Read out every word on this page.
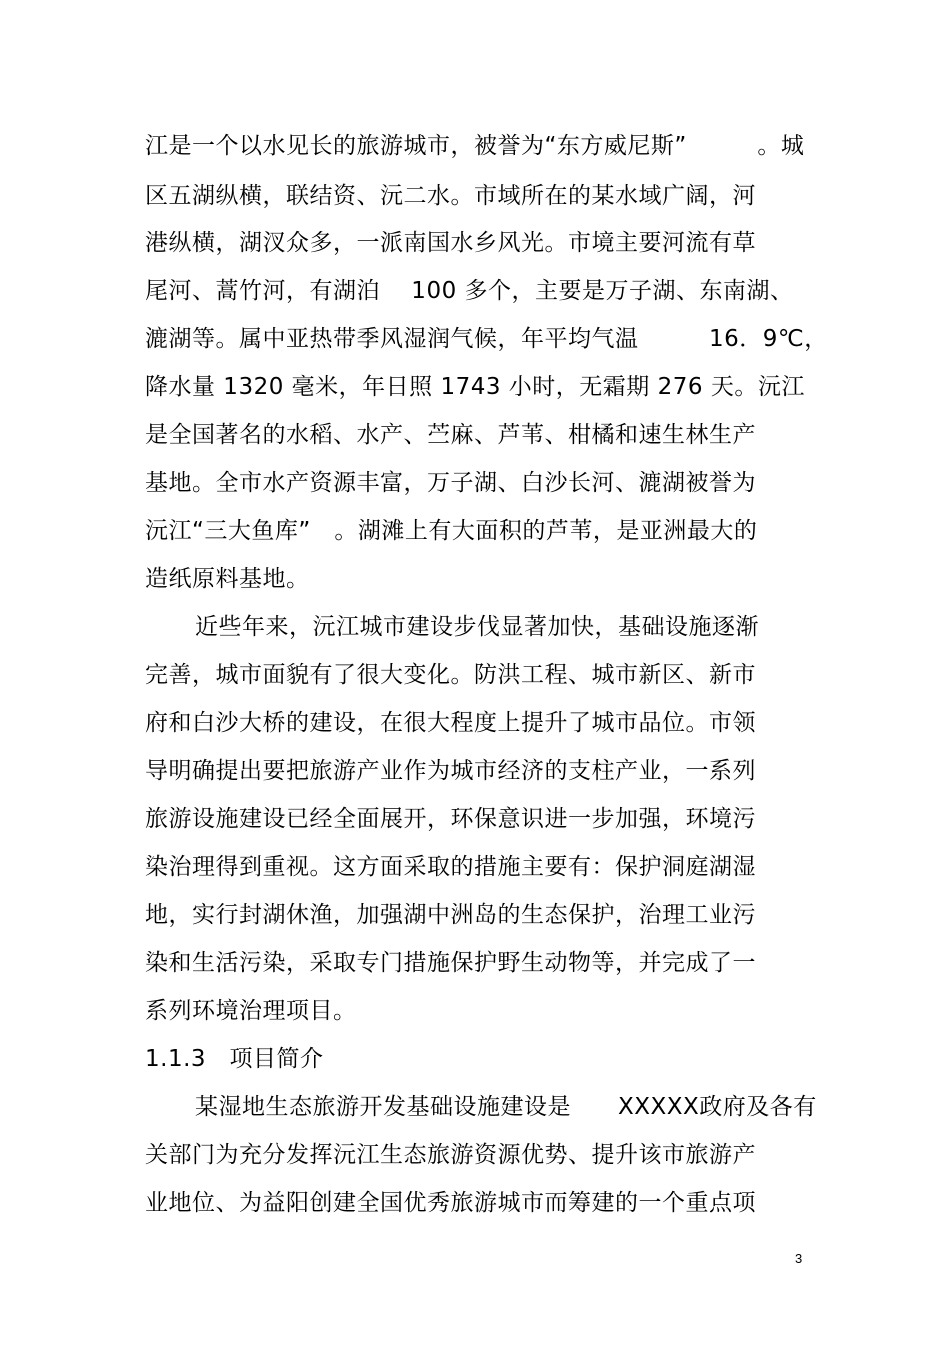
江是一个以水见长的旅游城市，被誉为“东方威尼斯”　　　。城
区五湖纵横，联结资、沅二水。市域所在的某水域广阔，河
港纵横，湖汊众多，一派南国水乡风光。市境主要河流有草
尾河、蒿竹河，有湖泊　 100 多个，主要是万子湖、东南湖、
漉湖等。属中亚热带季风湿润气候，年平均气温　　　16．9℃，
降水量 1320 毫米，年日照 1743 小时，无霜期 276 天。沅江
是全国著名的水稻、水产、苎麻、芦苇、柑橘和速生林生产
基地。全市水产资源丰富，万子湖、白沙长河、漉湖被誉为
沅江“三大鱼库”　。湖滩上有大面积的芦苇，是亚洲最大的
造纸原料基地。
近些年来，沅江城市建设步伐显著加快，基础设施逐渐
完善，城市面貌有了很大变化。防洪工程、城市新区、新市
府和白沙大桥的建设，在很大程度上提升了城市品位。市领
导明确提出要把旅游产业作为城市经济的支柱产业，一系列
旅游设施建设已经全面展开，环保意识进一步加强，环境污
染治理得到重视。这方面采取的措施主要有：保护洞庭湖湿
地，实行封湖休渔，加强湖中洲岛的生态保护，治理工业污
染和生活污染，采取专门措施保护野生动物等，并完成了一
系列环境治理项目。
1.1.3　项目简介
某湿地生态旅游开发基础设施建设是　　XXXXX政府及各有
关部门为充分发挥沅江生态旅游资源优势、提升该市旅游产
业地位、为益阳创建全国优秀旅游城市而筹建的一个重点项
3
